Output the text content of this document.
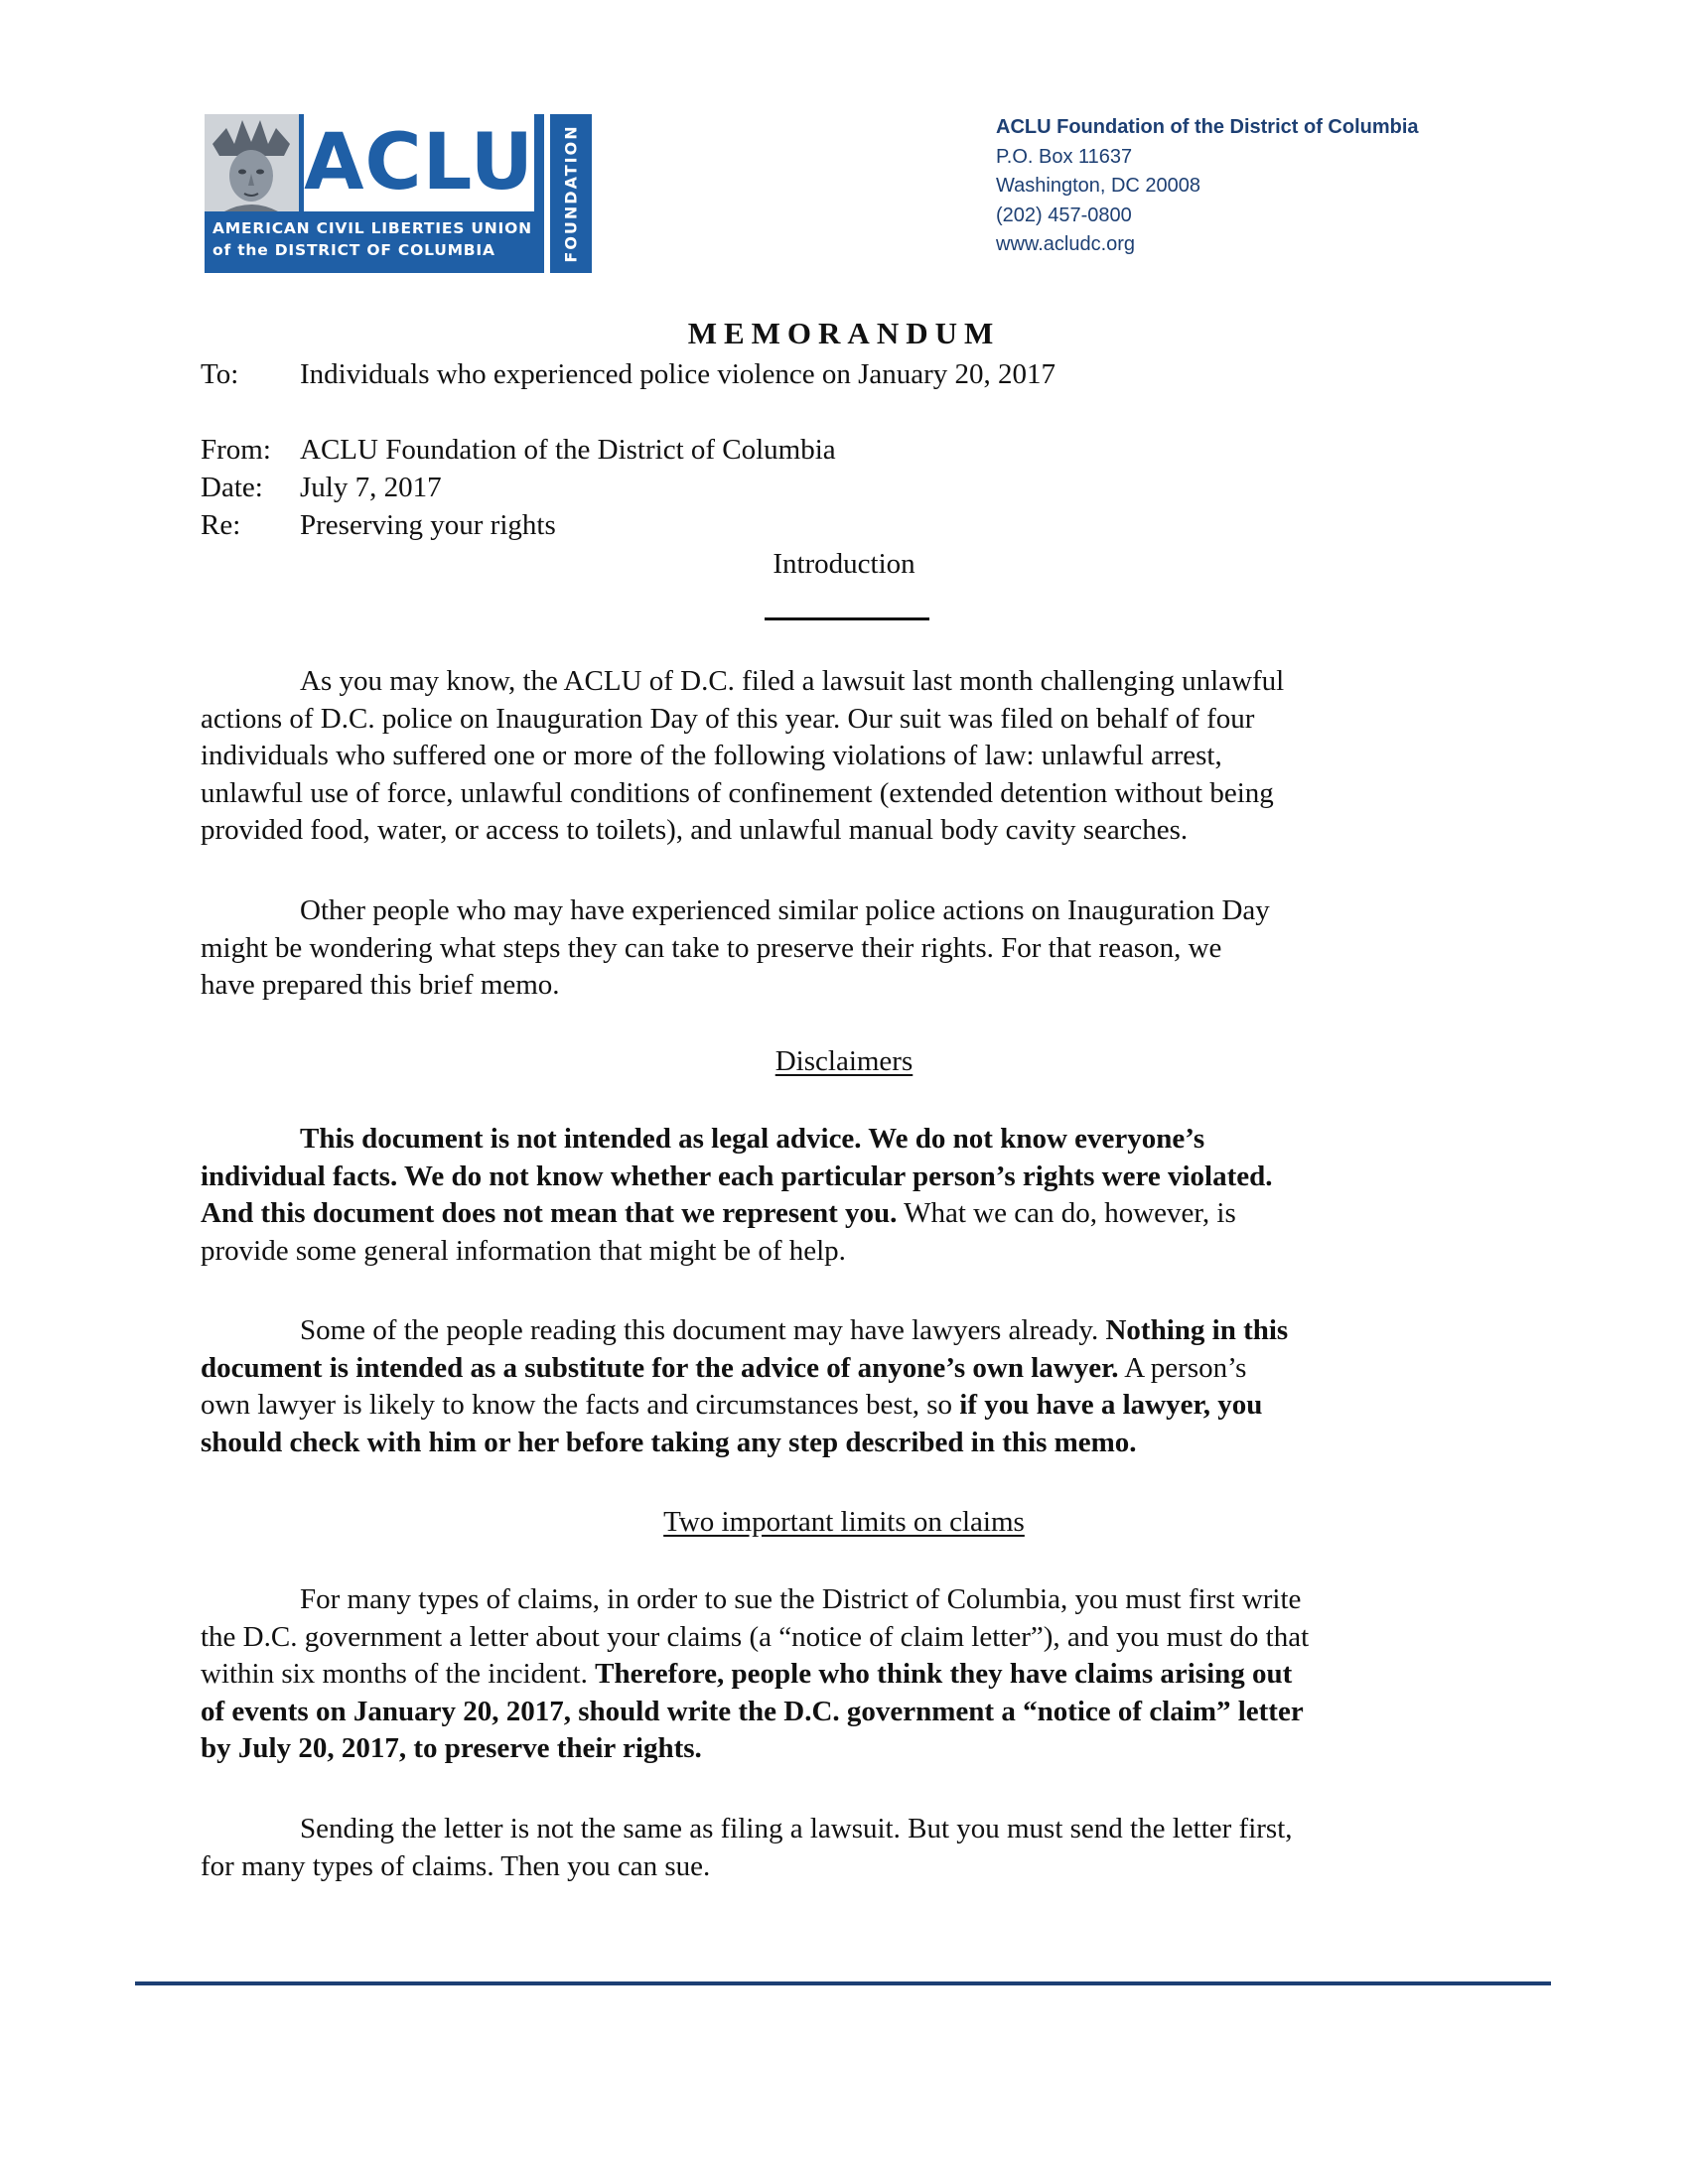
ACLU
AMERICAN CIVIL LIBERTIES UNION
of the DISTRICT OF COLUMBIA	FOUNDATION	ACLU Foundation of the District of Columbia
P.O. Box 11637
Washington, DC 20008
(202) 457-0800
www.acludc.org
MEMORANDUM
To: Individuals who experienced police violence on January 20, 2017
From: ACLU Foundation of the District of Columbia
Date: July 7, 2017
Re: Preserving your rights
Introduction
As you may know, the ACLU of D.C. filed a lawsuit last month challenging unlawful
actions of D.C. police on Inauguration Day of this year. Our suit was filed on behalf of four
individuals who suffered one or more of the following violations of law: unlawful arrest,
unlawful use of force, unlawful conditions of confinement (extended detention without being
provided food, water, or access to toilets), and unlawful manual body cavity searches.
Other people who may have experienced similar police actions on Inauguration Day
might be wondering what steps they can take to preserve their rights. For that reason, we
have prepared this brief memo.
Disclaimers
This document is not intended as legal advice. We do not know everyone’s
individual facts. We do not know whether each particular person’s rights were violated.
And this document does not mean that we represent you. What we can do, however, is
provide some general information that might be of help.
Some of the people reading this document may have lawyers already. Nothing in this
document is intended as a substitute for the advice of anyone’s own lawyer. A person’s
own lawyer is likely to know the facts and circumstances best, so if you have a lawyer, you
should check with him or her before taking any step described in this memo.
Two important limits on claims
For many types of claims, in order to sue the District of Columbia, you must first write
the D.C. government a letter about your claims (a “notice of claim letter”), and you must do that
within six months of the incident. Therefore, people who think they have claims arising out
of events on January 20, 2017, should write the D.C. government a “notice of claim” letter
by July 20, 2017, to preserve their rights.
Sending the letter is not the same as filing a lawsuit. But you must send the letter first,
for many types of claims. Then you can sue.
